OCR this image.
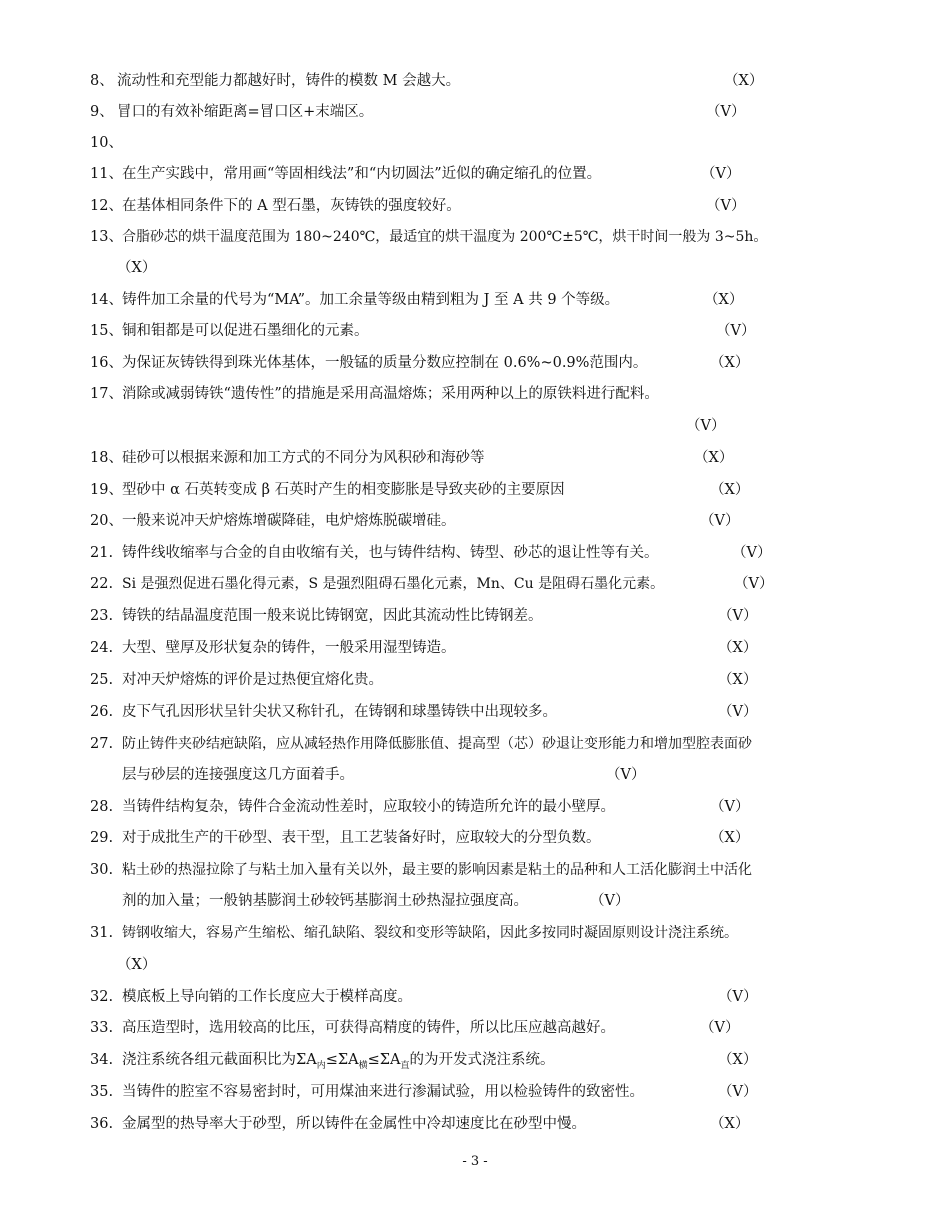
8、 流动性和充型能力都越好时，铸件的模数 M 会越大。	（X）
9、 冒口的有效补缩距离=冒口区+末端区。	（V）
10、
11、 在生产实践中，常用画“等固相线法”和“内切圆法”近似的确定缩孔的位置。	（V）
12、 在基体相同条件下的 A 型石墨，灰铸铁的强度较好。	（V）
13、 合脂砂芯的烘干温度范围为 180~240℃，最适宜的烘干温度为 200℃±5℃，烘干时间一般为 3~5h。
（X）
14、 铸件加工余量的代号为“MA”。加工余量等级由精到粗为 J 至 A 共 9 个等级。	（X）
15、 铜和钼都是可以促进石墨细化的元素。	（V）
16、 为保证灰铸铁得到珠光体基体，一般锰的质量分数应控制在 0.6%~0.9%范围内。	（X）
17、 消除或减弱铸铁“遗传性”的措施是采用高温熔炼；采用两种以上的原铁料进行配料。
（V）
18、 硅砂可以根据来源和加工方式的不同分为风积砂和海砂等	（X）
19、 型砂中 α 石英转变成 β 石英时产生的相变膨胀是导致夹砂的主要原因	（X）
20、 一般来说冲天炉熔炼增碳降硅，电炉熔炼脱碳增硅。	（V）
21. 铸件线收缩率与合金的自由收缩有关，也与铸件结构、铸型、砂芯的退让性等有关。	（V）
22. Si 是强烈促进石墨化得元素，S 是强烈阻碍石墨化元素，Mn、Cu 是阻碍石墨化元素。	（V）
23. 铸铁的结晶温度范围一般来说比铸钢宽，因此其流动性比铸钢差。	（V）
24. 大型、壁厚及形状复杂的铸件，一般采用湿型铸造。	（X）
25. 对冲天炉熔炼的评价是过热便宜熔化贵。	（X）
26. 皮下气孔因形状呈针尖状又称针孔，在铸钢和球墨铸铁中出现较多。	（V）
27. 防止铸件夹砂结疤缺陷，应从减轻热作用降低膨胀值、提高型（芯）砂退让变形能力和增加型腔表面砂
层与砂层的连接强度这几方面着手。	（V）
28. 当铸件结构复杂，铸件合金流动性差时，应取较小的铸造所允许的最小壁厚。	（V）
29. 对于成批生产的干砂型、表干型，且工艺装备好时，应取较大的分型负数。	（X）
30. 粘土砂的热湿拉除了与粘土加入量有关以外，最主要的影响因素是粘土的品种和人工活化膨润土中活化
剂的加入量；一般钠基膨润土砂较钙基膨润土砂热湿拉强度高。	（V）
31. 铸钢收缩大，容易产生缩松、缩孔缺陷、裂纹和变形等缺陷，因此多按同时凝固原则设计浇注系统。
（X）
32. 模底板上导向销的工作长度应大于模样高度。	（V）
33. 高压造型时，选用较高的比压，可获得高精度的铸件，所以比压应越高越好。	（V）
34. 浇注系统各组元截面积比为$\Sigma A_内\le\Sigma A_横\le\Sigma A_直$的为开发式浇注系统。	（X）
35. 当铸件的腔室不容易密封时，可用煤油来进行渗漏试验，用以检验铸件的致密性。	（V）
36. 金属型的热导率大于砂型，所以铸件在金属性中冷却速度比在砂型中慢。	（X）
- 3 -
